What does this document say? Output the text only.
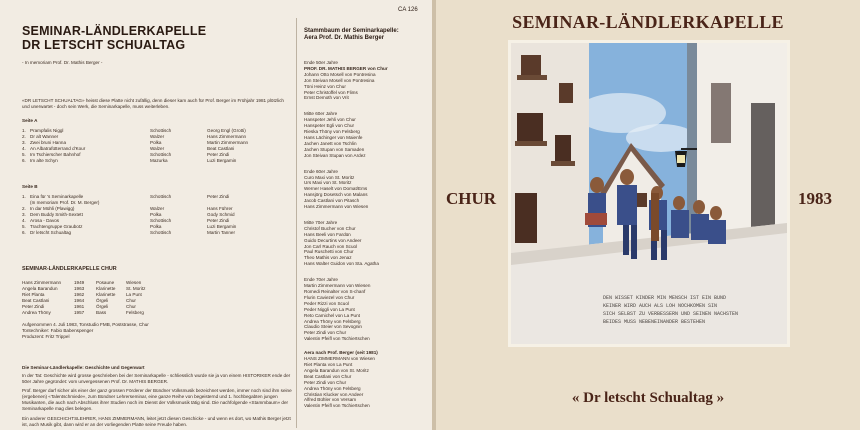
CA 126
SEMINAR-LÄNDLERKAPELLE
DR LETSCHT SCHUALTAG
- In memoriam Prof. Dr. Mathis Berger -
«DR LETSCHT SCHUALTAG» heisst diese Platte nicht zufällig, denn dieser kam auch für Prof. Berger im Frühjahr 1981 plötzlich und unerwartet - doch sein Werk, die Seminarkapelle, muss weiterleben.
Seite A
1. Prampfalis Niggl	Schottisch	Georg Engl (Grotti)
2. Dr alt Wanner	Walzer	Hans Zimmermann
3. Zwei bruni Hanna	Polka	Martin Zimmermann
4. An Albatrafütterrand d'Kour	Walzer	Beat Castlani
5. Im Tschierscher Bahnhof	Schottisch	Peter Zindi
6. Im alte Schyn	Mazurka	Luzi Bergamin
Seite B
1. Eina für 's Seminarkapelle	Schottisch	Peter Zindi
(In memoriam Prof. Dr. M. Berger)
2. In dar Mühli (Plawigg)	Walzer	Hans Führer
3. Dem Buddy Smith-Sextett	Polka	Gody Schmid
4. Arosa - Davos	Schottisch	Peter Zindi
5. Trachtengruppe Graubotz	Polka	Luzi Bergamin
6. Dr letscht Schualtag	Schottisch	Martin Tanner
SEMINAR-LÄNDLERKAPELLE CHUR
Hans Zimmermann	1949	Posaune	Wiesen
Angela Barandun	1963	Klarinette	St. Moritz
Riet Planta	1962	Klarinette	La Punt
Beat Castlani	1964	Örgeli	Chur
Peter Zindi	1961	Örgeli	Chur
Andrea Thöny	1957	Bass	Felsberg
Aufgenommen 4. Juli 1983, Tonstudio FMB, Poststrasse, Chur
Tontechniker: Fabio Babenspenger
Produzent: Fritz Trippel
Die Seminar-Ländlerkapelle: Geschichte und Gegenwart
In der Tat: Geschichte wird grosse geschrieben bei der Seminarkapelle - schliesslich wurde sie ja von einem HISTORIKER ende der 50er Jahre gegründet: vom unvergessenen Prof. Dr. MATHIS BERGER.
Prof. Berger darf sicher als einer der ganz grossen Förderer der Bündner Volksmusik bezeichnet werden, immer noch sind ihm seine (ergebenen) «Talentschmiede», zum Bündner Lehrerseminar, eine ganze Reihe von begeisternd und 1. hochbegabten jungen Musikanten, die auch nach Abschluss ihrer Studien noch im Dienst der Volksmusik tätig sind. Die nachfolgende «Stammbaum» der Seminarkapelle mag dies belegen.
Ein anderer GESCHICHTSLEHRER, HANS ZIMMERMANN, leitet jetzt diesen Geschicke - und wenn es dort, wo Mathis Berger jetzt ist, auch Musik gibt, dann wird er an der vorliegenden Platte seine Freude haben.
Stammbaum der Seminarkapelle:
Aera Prof. Dr. Mathis Berger
Ende 50er Jahre
PROF. DR. MATHIS BERGER von Chur
Johann Otto Mosell von Pontresina
Jon Steivan Mosell von Pontresina
Töni Heinz von Chur
Peter Christoffel von Flims
Ernst Demoth von Vrit
Mitte 60er Jahre
Hanspeter Jehli von Chur
Hanspeter Egli von Chur
Rieska Thöny von Felsberg
Hans Lächinger von Maienfe
Jachen Janett von Tschlin
Jachen Stupan von Samaden
Jon Steivan Stupan von Ardez
Ende 60er Jahre
Curo Maxi von St. Moritz
Urs Maxi von St. Moritz
Werner Haselt von Domat/Ems
Hansjörg Dosetsch von Malans
Jacob Castlani von Pitasch
Hans Zimmermann von Wiesen
Mitte 70er Jahre
Christof Bucher von Chur
Hans Beeli von Fardün
Guido Decurtins von Andeer
Jon Carl Rauch von Scuol
Paul Ruschetti von Chur
Theo Mathis von Jenaz
Hans Walter Guidon von Sta. Agatha
Ende 70er Jahre
Martin Zimmermann von Wiesen
Romedi Reinalter von S-chanf
Flurin Caviezel von Chur
Peder Rizzi von Scuol
Peder Niggli von La Punt
Reto Camichel von La Punt
Andrea Thöny von Felsberg
Claudio Steier von Sevognin
Peter Zindi von Chur
Valentin Pfeifl von Tschiertschen
Aera nach Prof. Berger (seit 1981)
HANS ZIMMERMANN von Wiesen
Riet Planta von La Punt
Angela Barandun von St. Moritz
Beat Castlani von Chur
Peter Zindi von Chur
Andrea Thöny von Felsberg
Christian Klucker von Andeer
Alfred Bühler von Versam
Valentin Pfeifl von Tschiertschen
SEMINAR-LÄNDLERKAPELLE
CHUR	1983
DEN WISSET KINDER MIN MENSCH IST EIN BUND
KEINER WIRD AUCH ALS LOH NOCHKOMEN SIN
SICH SELBST ZU VERBESSERN UND SEINEN NACHSTEN
BEIDES MUSS NEBENEINANDER BESTEHEN
« Dr letscht Schualtag »
